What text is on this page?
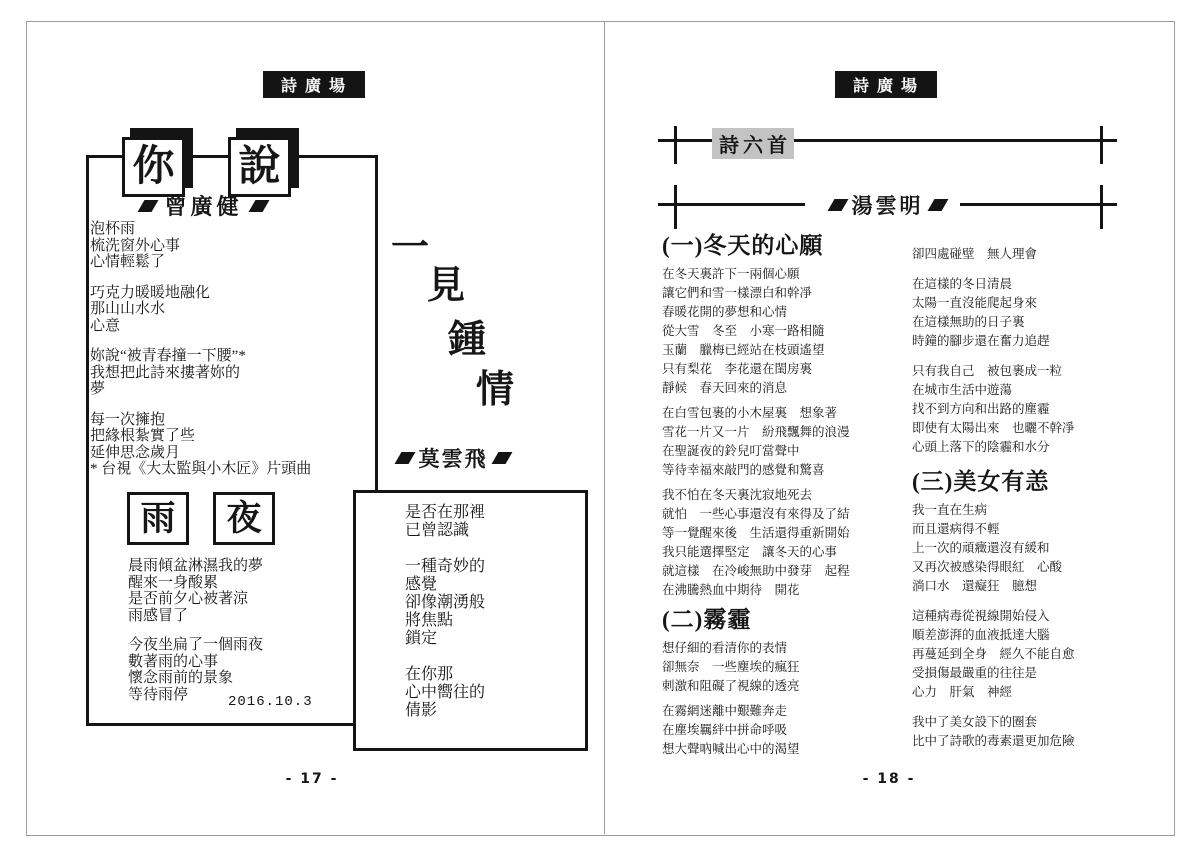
詩 廣 場
你 說
曾廣健
泡杯雨
梳洗窗外心事
心情輕鬆了
巧克力暖暖地融化
那山山水水
心意
妳說“被青春撞一下腰”*
我想把此詩來摟著妳的
夢
每一次擁抱
把緣根紮實了些
延伸思念歲月
* 台視《大太監與小木匠》片頭曲
雨 夜
晨雨傾盆淋濕我的夢
醒來一身酸累
是否前夕心被著涼
雨感冒了
今夜坐扁了一個雨夜
數著雨的心事
懷念雨前的景象
等待雨停	2016.10.3
一
見
鍾
情
莫雲飛
是否在那裡
已曾認識
一種奇妙的
感覺
卻像潮湧般
將焦點
鎖定
在你那
心中嚮往的
倩影
- 17 -
詩 廣 場
詩六首
湯雲明
(一)冬天的心願
在冬天裏許下一兩個心願
讓它們和雪一樣漂白和幹凈
春暖花開的夢想和心情
從大雪　冬至　小寒一路相隨
玉蘭　臘梅已經站在枝頭遙望
只有梨花　李花還在閨房裏
靜候　春天回來的消息
在白雪包裹的小木屋裏　想象著
雪花一片又一片　紛飛飄舞的浪漫
在聖誕夜的鈴兒叮當聲中
等待幸福來敲門的感覺和驚喜
我不怕在冬天裏沈寂地死去
就怕　一些心事還沒有來得及了結
等一覺醒來後　生活還得重新開始
我只能選擇堅定　讓冬天的心事
就這樣　在冷峻無助中發芽　起程
在沸騰熱血中期待　開花
(二)霧霾
想仔細的看清你的表情
卻無奈　一些塵埃的瘋狂
刺激和阻礙了視線的透亮
在霧網迷離中艱難奔走
在塵埃羈絆中拼命呼吸
想大聲吶喊出心中的渴望
卻四處碰壁　無人理會
在這樣的冬日清晨
太陽一直沒能爬起身來
在這樣無助的日子裏
時鐘的腳步還在奮力追趕
只有我自己　被包裹成一粒
在城市生活中遊蕩
找不到方向和出路的塵霾
即使有太陽出來　也曬不幹凈
心頭上落下的陰霾和水分
(三)美女有恙
我一直在生病
而且還病得不輕
上一次的頑癥還沒有緩和
又再次被感染得眼紅　心酸
淌口水　還癡狂　臆想
這種病毒從視線開始侵入
順差澎湃的血液抵達大腦
再蔓延到全身　經久不能自愈
受損傷最嚴重的往往是
心力　肝氣　神經
我中了美女設下的圈套
比中了詩歌的毒素還更加危險
- 18 -
